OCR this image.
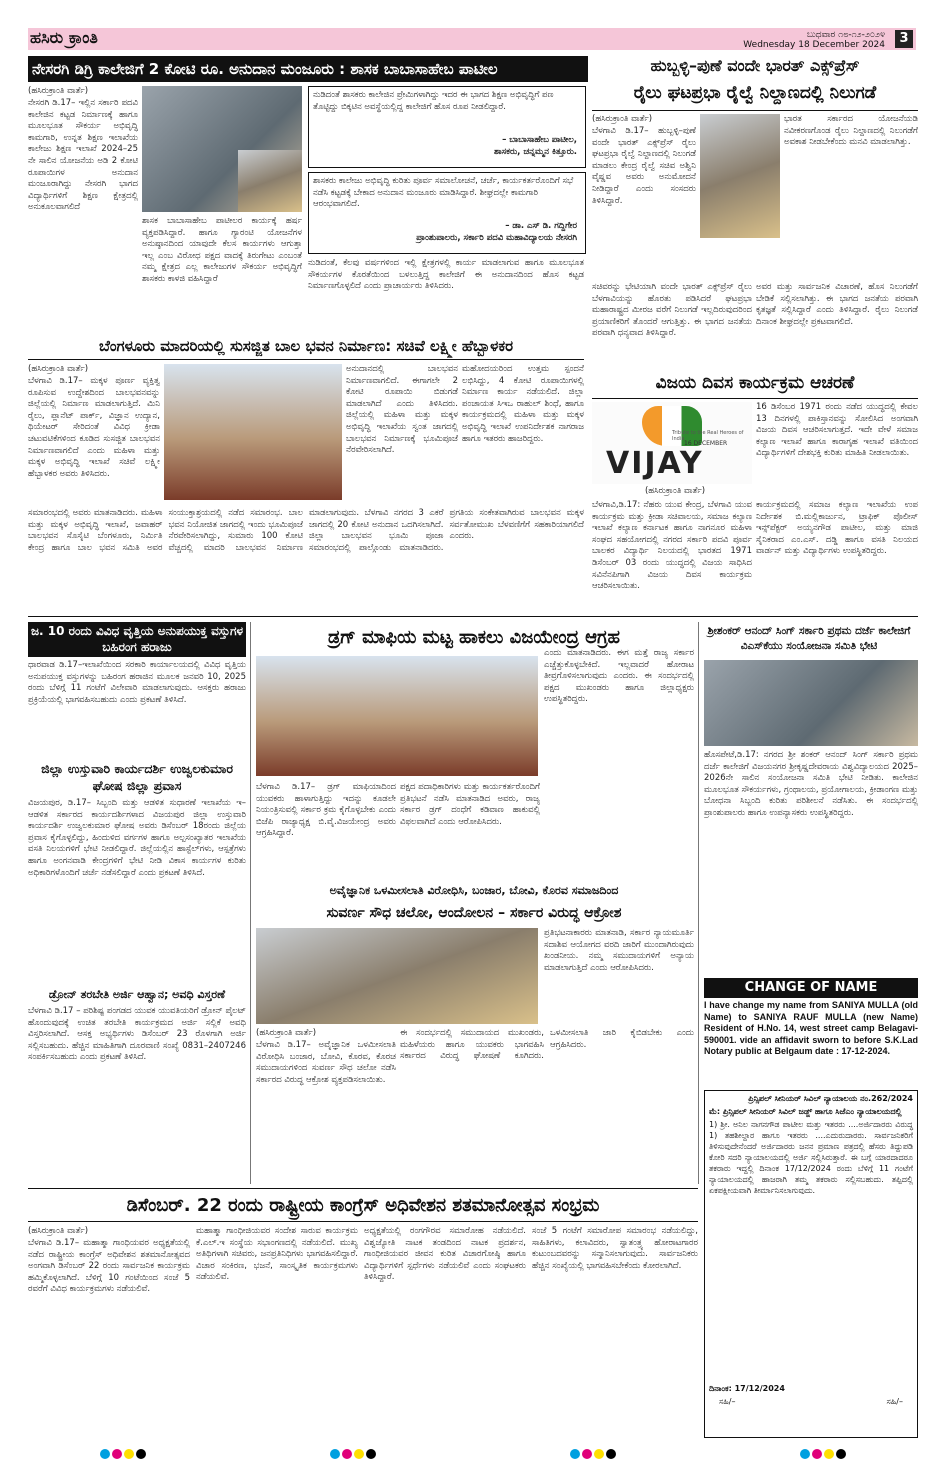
ಹಸಿರು ಕ್ರಾಂತಿ	ಬುಧವಾರ ೧೮-೧೨-೨೦೨೪
Wednesday 18 December 2024	3
ನೇಸರಗಿ ಡಿಗ್ರಿ ಕಾಲೇಜಿಗೆ 2 ಕೋಟಿ ರೂ. ಅನುದಾನ ಮಂಜೂರು : ಶಾಸಕ ಬಾಬಾಸಾಹೇಬ ಪಾಟೀಲ
(ಹಸಿರುಕ್ರಾಂತಿ ವಾರ್ತೆ)
ನೇಸರಗಿ ಡಿ.17– ಇಲ್ಲಿನ ಸರ್ಕಾರಿ ಪದವಿ ಕಾಲೇಜಿನ ಕಟ್ಟಡ ನಿರ್ಮಾಣಕ್ಕೆ ಹಾಗೂ ಮೂಲಭೂತ ಸೌಕರ್ಯ ಅಭಿವೃದ್ಧಿ ಕಾಮಗಾರಿ, ಉನ್ನತ ಶಿಕ್ಷಣ ಇಲಾಖೆಯ ಕಾಲೇಜು ಶಿಕ್ಷಣ ಇಲಾಖೆ 2024–25 ನೇ ಸಾಲಿನ ಯೋಜನೆಯ ಅಡಿ 2 ಕೋಟಿ ರೂಪಾಯಿಗಳ ಅನುದಾನ ಮಂಜೂರಾಗಿದ್ದು ನೇಸರಗಿ ಭಾಗದ ವಿದ್ಯಾರ್ಥಿಗಳಿಗೆ ಶಿಕ್ಷಣ ಕ್ಷೇತ್ರದಲ್ಲಿ ಅನುಕೂಲವಾಗಲಿದೆ
ಶಾಸಕ ಬಾಬಾಸಾಹೇಬ ಪಾಟೀಲರ ಕಾರ್ಯಕ್ಕೆ ಹರ್ಷ ವ್ಯಕ್ತಪಡಿಸಿದ್ದಾರೆ. ಹಾಗೂ ಗ್ಯಾರಂಟಿ ಯೋಜನೆಗಳ ಅನುಷ್ಠಾನದಿಂದ ಯಾವುದೇ ಕೆಲಸ ಕಾರ್ಯಗಳು ಆಗುತ್ತಾ ಇಲ್ಲ ಎಂಬ ವಿರೋಧ ಪಕ್ಷದ ವಾದಕ್ಕೆ ತಿರುಗೇಟು ಎಂಬಂತೆ ನಮ್ಮ ಕ್ಷೇತ್ರದ ಎಲ್ಲ ಕಾಲೇಜುಗಳ ಸೌಕರ್ಯ ಅಭಿವೃದ್ಧಿಗೆ ಶಾಸಕರು ಕಾಳಜಿ ವಹಿಸಿದ್ದಾರೆ
ನುಡಿದಂತೆ ಶಾಸಕರು ಕಾಲೇಜಿನ ಪ್ರೇಮಿಗಳಾಗಿದ್ದು ಇದರ ಈ ಭಾಗದ ಶಿಕ್ಷಣ ಅಭಿವೃದ್ಧಿಗೆ ಪಣ ತೊಟ್ಟಿದ್ದು ಬಿಕ್ಕಟಿನ ಅವಸ್ಥೆಯಲ್ಲಿದ್ದ ಕಾಲೇಜಿಗೆ ಹೊಸ ರೂಪ ನೀಡಲಿದ್ದಾರೆ.
– ಬಾಬಾಸಾಹೇಬ ಪಾಟೀಲ,
ಶಾಸಕರು, ಚನ್ನಮ್ಮನ ಕಿತ್ತೂರು.
ಶಾಸಕರು ಕಾಲೇಜು ಅಭಿವೃದ್ಧಿ ಕುರಿತು ಪೂರ್ವ ಸಮಾಲೋಚನೆ, ಚರ್ಚೆ, ಕಾರ್ಯಕರ್ತರೊಂದಿಗೆ ಸಭೆ ನಡೆಸಿ ಕಟ್ಟಡಕ್ಕೆ ಬೇಕಾದ ಅನುದಾನ ಮಂಜೂರು ಮಾಡಿಸಿದ್ದಾರೆ. ಶೀಘ್ರದಲ್ಲೇ ಕಾಮಗಾರಿ ಆರಂಭವಾಗಲಿದೆ.
– ಡಾ. ಎಸ್ ಡಿ. ಗದ್ದಿಗೇರ
ಪ್ರಾಂಶುಪಾಲರು, ಸರ್ಕಾರಿ ಪದವಿ ಮಹಾವಿದ್ಯಾಲಯ ನೇಸರಗಿ
ನುಡಿದಂತೆ, ಕೆಲವು ವರ್ಷಗಳಿಂದ ಇಲ್ಲಿ ಕ್ಷೇತ್ರಗಳಲ್ಲಿ ಕಾರ್ಯ ಮಾಡಲಾಗುವ ಹಾಗೂ ಮೂಲಭೂತ ಸೌಕರ್ಯಗಳ ಕೊರತೆಯಿಂದ ಬಳಲುತ್ತಿದ್ದ ಕಾಲೇಜಿಗೆ ಈ ಅನುದಾನದಿಂದ ಹೊಸ ಕಟ್ಟಡ ನಿರ್ಮಾಣಗೊಳ್ಳಲಿದೆ ಎಂದು ಪ್ರಾಚಾರ್ಯರು ತಿಳಿಸಿದರು.
ಹುಬ್ಬಳ್ಳಿ–ಪುಣೆ ವಂದೇ ಭಾರತ್ ಎಕ್ಸ್‌ಪ್ರೆಸ್
ರೈಲು ಘಟಪ್ರಭಾ ರೈಲ್ವೆ ನಿಲ್ದಾಣದಲ್ಲಿ ನಿಲುಗಡೆ
(ಹಸಿರುಕ್ರಾಂತಿ ವಾರ್ತೆ)
ಬೆಳಗಾವಿ ಡಿ.17– ಹುಬ್ಬಳ್ಳಿ–ಪುಣೆ ವಂದೇ ಭಾರತ್ ಎಕ್ಸ್‌ಪ್ರೆಸ್ ರೈಲು ಘಟಪ್ರಭಾ ರೈಲ್ವೆ ನಿಲ್ದಾಣದಲ್ಲಿ ನಿಲುಗಡೆ ಮಾಡಲು ಕೇಂದ್ರ ರೈಲ್ವೆ ಸಚಿವ ಅಶ್ವಿನಿ ವೈಷ್ಣವ ಅವರು ಅನುಮೋದನೆ ನೀಡಿದ್ದಾರೆ ಎಂದು ಸಂಸದರು ತಿಳಿಸಿದ್ದಾರೆ.
ಭಾರತ ಸರ್ಕಾರದ ಯೋಜನೆಯಡಿ ನವೀಕರಣಗೊಂಡ ರೈಲು ನಿಲ್ದಾಣದಲ್ಲಿ ನಿಲುಗಡೆಗೆ ಅವಕಾಶ ನೀಡಬೇಕೆಂದು ಮನವಿ ಮಾಡಲಾಗಿತ್ತು.
ಸಚಿವರನ್ನು ಭೇಟಿಯಾಗಿ ವಂದೇ ಭಾರತ್ ಎಕ್ಸ್‌ಪ್ರೆಸ್ ರೈಲು ಬೆಳಗಾವಿಯನ್ನು ಹೊರತು ಪಡಿಸಿದರೆ ಘಟಪ್ರಭಾ ಮಹಾರಾಷ್ಟ್ರದ ಮೀರಜ ವರೆಗೆ ನಿಲುಗಡೆ ಇಲ್ಲದಿರುವುದರಿಂದ ಪ್ರಯಾಣಿಕರಿಗೆ ತೊಂದರೆ ಆಗುತ್ತಿತ್ತು. ಈ ಭಾಗದ ಜನತೆಯ ಪರವಾಗಿ ಧನ್ಯವಾದ ತಿಳಿಸಿದ್ದಾರೆ.
ಅವರ ಮತ್ತು ಸಾರ್ವಜನಿಕ ವಿಚಾರಣೆ, ಹೊಸ ನಿಲುಗಡೆಗೆ ಬೇಡಿಕೆ ಸಲ್ಲಿಸಲಾಗಿತ್ತು. ಈ ಭಾಗದ ಜನತೆಯ ಪರವಾಗಿ ಕೃತಜ್ಞತೆ ಸಲ್ಲಿಸಿದ್ದಾರೆ ಎಂದು ತಿಳಿಸಿದ್ದಾರೆ. ರೈಲು ನಿಲುಗಡೆ ದಿನಾಂಕ ಶೀಘ್ರದಲ್ಲೇ ಪ್ರಕಟವಾಗಲಿದೆ.
ಬೆಂಗಳೂರು ಮಾದರಿಯಲ್ಲಿ ಸುಸಜ್ಜಿತ ಬಾಲ ಭವನ ನಿರ್ಮಾಣ: ಸಚಿವೆ ಲಕ್ಷ್ಮೀ ಹೆಬ್ಬಾಳಕರ
(ಹಸಿರುಕ್ರಾಂತಿ ವಾರ್ತೆ)
ಬೆಳಗಾವಿ ಡಿ.17– ಮಕ್ಕಳ ಪೂರ್ಣ ವ್ಯಕ್ತಿತ್ವ ರೂಪಿಸುವ ಉದ್ದೇಶದಿಂದ ಬಾಲಭವನವನ್ನು ಜಿಲ್ಲೆಯಲ್ಲಿ ನಿರ್ಮಾಣ ಮಾಡಲಾಗುತ್ತಿದೆ. ಮಿನಿ ರೈಲು, ಪ್ಲಾನೆಟ್ ಪಾರ್ಕ್, ವಿಜ್ಞಾನ ಉದ್ಯಾನ, ಥಿಯೇಟರ್ ಸೇರಿದಂತೆ ವಿವಿಧ ಕ್ರೀಡಾ ಚಟುವಟಿಕೆಗಳಿಂದ ಕೂಡಿದ ಸುಸಜ್ಜಿತ ಬಾಲಭವನ ನಿರ್ಮಾಣವಾಗಲಿದೆ ಎಂದು ಮಹಿಳಾ ಮತ್ತು ಮಕ್ಕಳ ಅಭಿವೃದ್ಧಿ ಇಲಾಖೆ ಸಚಿವೆ ಲಕ್ಷ್ಮೀ ಹೆಬ್ಬಾಳಕರ ಅವರು ತಿಳಿಸಿದರು.
ಅನುದಾನದಲ್ಲಿ ಬಾಲಭವನ ನಿರ್ಮಾಣವಾಗಲಿದೆ. ಈಗಾಗಲೇ 2 ಕೋಟಿ ರೂಪಾಯಿ ಬಿಡುಗಡೆ ಮಾಡಲಾಗಿದೆ ಎಂದು ತಿಳಿಸಿದರು. ಜಿಲ್ಲೆಯಲ್ಲಿ ಮಹಿಳಾ ಮತ್ತು ಮಕ್ಕಳ ಅಭಿವೃದ್ಧಿ ಇಲಾಖೆಯ ಸ್ವಂತ ಜಾಗದಲ್ಲಿ ಬಾಲಭವನ ನಿರ್ಮಾಣಕ್ಕೆ ಭೂಮಿಪೂಜೆ ನೆರವೇರಿಸಲಾಗಿದೆ.
ಮಹೋದಯರಿಂದ ಉತ್ತಮ ಸ್ಪಂದನೆ ಲಭಿಸಿದ್ದು, 4 ಕೋಟಿ ರೂಪಾಯಿಗಳಲ್ಲಿ ನಿರ್ಮಾಣ ಕಾರ್ಯ ನಡೆಯಲಿದೆ. ಜಿಲ್ಲಾ ಪಂಚಾಯತ ಸಿಇಒ ರಾಹುಲ್ ಶಿಂಧೆ, ಹಾಗೂ ಕಾರ್ಯಕ್ರಮದಲ್ಲಿ ಮಹಿಳಾ ಮತ್ತು ಮಕ್ಕಳ ಅಭಿವೃದ್ಧಿ ಇಲಾಖೆ ಉಪನಿರ್ದೇಶಕ ನಾಗರಾಜ ಹಾಗೂ ಇತರರು ಹಾಜರಿದ್ದರು.
ಸಮಾರಂಭದಲ್ಲಿ ಅವರು ಮಾತನಾಡಿದರು. ಮಹಿಳಾ ಮತ್ತು ಮಕ್ಕಳ ಅಭಿವೃದ್ಧಿ ಇಲಾಖೆ, ಜವಾಹರ್ ಬಾಲಭವನ ಸೊಸೈಟಿ ಬೆಂಗಳೂರು, ನಿರ್ಮಿತಿ ಕೇಂದ್ರ ಹಾಗೂ ಬಾಲ ಭವನ ಸಮಿತಿ ಅವರ ಸಂಯುಕ್ತಾಶ್ರಯದಲ್ಲಿ ನಡೆದ ಸಮಾರಂಭ. ಬಾಲ ಭವನ ನಿಯೋಜಿತ ಜಾಗದಲ್ಲಿ ಇಂದು ಭೂಮಿಪೂಜೆ ನೆರವೇರಿಸಲಾಗಿದ್ದು, ಸುಮಾರು 100 ಕೋಟಿ ವೆಚ್ಚದಲ್ಲಿ ಮಾದರಿ ಬಾಲಭವನ ನಿರ್ಮಾಣ ಮಾಡಲಾಗುವುದು. ಬೆಳಗಾವಿ ನಗರದ 3 ಎಕರೆ ಜಾಗದಲ್ಲಿ 20 ಕೋಟಿ ಅನುದಾನ ಒದಗಿಸಲಾಗಿದೆ. ಜಿಲ್ಲಾ ಬಾಲಭವನ ಭೂಮಿ ಪೂಜಾ ಸಮಾರಂಭದಲ್ಲಿ ಪಾಲ್ಗೊಂಡು ಮಾತನಾಡಿದರು. ಪ್ರಗತಿಯ ಸಂಕೇತವಾಗಿರುವ ಬಾಲಭವನ ಮಕ್ಕಳ ಸರ್ವತೋಮುಖ ಬೆಳವಣಿಗೆಗೆ ಸಹಕಾರಿಯಾಗಲಿದೆ ಎಂದರು.
ವಿಜಯ ದಿವಸ ಕಾರ್ಯಕ್ರಮ ಆಚರಣೆ
Tribute to the Real Heroes of India
16 DECEMBER
VIJAY
(ಹಸಿರುಕ್ರಾಂತಿ ವಾರ್ತೆ)
16 ಡಿಸೆಂಬರ 1971 ರಂದು ನಡೆದ ಯುದ್ಧದಲ್ಲಿ ಕೇವಲ 13 ದಿನಗಳಲ್ಲಿ ಪಾಕಿಸ್ತಾನವನ್ನು ಸೋಲಿಸಿದ ಅಂಗವಾಗಿ ವಿಜಯ ದಿವಸ ಆಚರಿಸಲಾಗುತ್ತದೆ. ಇದೇ ವೇಳೆ ಸಮಾಜ ಕಲ್ಯಾಣ ಇಲಾಖೆ ಹಾಗೂ ಕಾರಾಗೃಹ ಇಲಾಖೆ ವತಿಯಿಂದ ವಿದ್ಯಾರ್ಥಿಗಳಿಗೆ ದೇಶಭಕ್ತಿ ಕುರಿತು ಮಾಹಿತಿ ನೀಡಲಾಯಿತು.
ಬೆಳಗಾವಿ,ಡಿ.17: ನೆಹರು ಯುವ ಕೇಂದ್ರ, ಬೆಳಗಾವಿ ಯುವ ಕಾರ್ಯಕ್ರಮ ಮತ್ತು ಕ್ರೀಡಾ ಸಚಿವಾಲಯ, ಸಮಾಜ ಕಲ್ಯಾಣ ಇಲಾಖೆ ಕಲ್ಯಾಣ ಕರ್ನಾಟಕ ಹಾಗೂ ನಾಗನೂರ ಮಹಿಳಾ ಸಂಘದ ಸಹಯೋಗದಲ್ಲಿ ನಗರದ ಸರ್ಕಾರಿ ಪದವಿ ಪೂರ್ವ ಬಾಲಕರ ವಿದ್ಯಾರ್ಥಿ ನಿಲಯದಲ್ಲಿ ಭಾರತದ 1971 ಡಿಸೆಂಬರ್ 03 ರಂದು ಯುದ್ಧದಲ್ಲಿ ವಿಜಯ ಸಾಧಿಸಿದ ಸವಿನೆನಪಿಗಾಗಿ ವಿಜಯ ದಿವಸ ಕಾರ್ಯಕ್ರಮ ಆಚರಿಸಲಾಯಿತು.
ಕಾರ್ಯಕ್ರಮದಲ್ಲಿ ಸಮಾಜ ಕಲ್ಯಾಣ ಇಲಾಖೆಯ ಉಪ ನಿರ್ದೇಶಕ ಬಿ.ಮಲ್ಲಿಕಾರ್ಜುನ, ಟ್ರಾಫಿಕ್ ಪೊಲೀಸ್ ಇನ್ಸ್‌ಪೆಕ್ಟರ್ ಅಯ್ಯನಗೌಡ ಪಾಟೀಲ, ಮತ್ತು ಮಾಜಿ ಸೈನಿಕರಾದ ಎಂ.ಎಸ್. ದಡ್ಡಿ ಹಾಗೂ ವಸತಿ ನಿಲಯದ ವಾರ್ಡನ್ ಮತ್ತು ವಿದ್ಯಾರ್ಥಿಗಳು ಉಪಸ್ಥಿತರಿದ್ದರು.
ಜ. 10 ರಂದು ವಿವಿಧ ವೃತ್ತಿಯ ಅನುಪಯುಕ್ತ ವಸ್ತುಗಳ ಬಹಿರಂಗ ಹರಾಜು
ಧಾರವಾಡ ಡಿ.17–ಇಲಾಖೆಯಿಂದ ಸರಕಾರಿ ಕಾರ್ಯಾಲಯದಲ್ಲಿ ವಿವಿಧ ವೃತ್ತಿಯ ಅನುಪಯುಕ್ತ ವಸ್ತುಗಳನ್ನು ಬಹಿರಂಗ ಹರಾಜಿನ ಮೂಲಕ ಜನವರಿ 10, 2025 ರಂದು ಬೆಳಿಗ್ಗೆ 11 ಗಂಟೆಗೆ ವಿಲೇವಾರಿ ಮಾಡಲಾಗುವುದು. ಆಸಕ್ತರು ಹರಾಜು ಪ್ರಕ್ರಿಯೆಯಲ್ಲಿ ಭಾಗವಹಿಸಬಹುದು ಎಂದು ಪ್ರಕಟಣೆ ತಿಳಿಸಿದೆ.
ಜಿಲ್ಲಾ ಉಸ್ತುವಾರಿ ಕಾರ್ಯದರ್ಶಿ ಉಜ್ವಲಕುಮಾರ ಘೋಷ ಜಿಲ್ಲಾ ಪ್ರವಾಸ
ವಿಜಯಪುರ, ಡಿ.17– ಸಿಬ್ಬಂದಿ ಮತ್ತು ಆಡಳಿತ ಸುಧಾರಣೆ ಇಲಾಖೆಯ ಇ–ಆಡಳಿತ ಸರ್ಕಾರದ ಕಾರ್ಯದರ್ಶಿಗಳಾದ ವಿಜಯಪುರ ಜಿಲ್ಲಾ ಉಸ್ತುವಾರಿ ಕಾರ್ಯದರ್ಶಿ ಉಜ್ವಲಕುಮಾರ ಘೋಷ ಅವರು ಡಿಸೆಂಬರ್ 18ರಂದು ಜಿಲ್ಲೆಯ ಪ್ರವಾಸ ಕೈಗೊಳ್ಳಲಿದ್ದು, ಹಿಂದುಳಿದ ವರ್ಗಗಳ ಹಾಗೂ ಅಲ್ಪಸಂಖ್ಯಾತರ ಇಲಾಖೆಯ ವಸತಿ ನಿಲಯಗಳಿಗೆ ಭೇಟಿ ನೀಡಲಿದ್ದಾರೆ. ಜಿಲ್ಲೆಯಲ್ಲಿನ ಹಾಸ್ಟೆಲ್‌ಗಳು, ಆಸ್ಪತ್ರೆಗಳು ಹಾಗೂ ಅಂಗನವಾಡಿ ಕೇಂದ್ರಗಳಿಗೆ ಭೇಟಿ ನೀಡಿ ವಿಕಾಸ ಕಾರ್ಯಗಳ ಕುರಿತು ಅಧಿಕಾರಿಗಳೊಂದಿಗೆ ಚರ್ಚೆ ನಡೆಸಲಿದ್ದಾರೆ ಎಂದು ಪ್ರಕಟಣೆ ತಿಳಿಸಿದೆ.
ಡ್ರೋನ್ ತರಬೇತಿ ಅರ್ಜಿ ಆಹ್ವಾನ; ಅವಧಿ ವಿಸ್ತರಣೆ
ಬೆಳಗಾವಿ ಡಿ.17 – ಪರಿಶಿಷ್ಟ ಪಂಗಡದ ಯುವಕ ಯುವತಿಯರಿಗೆ ಡ್ರೋನ್ ಪೈಲಟ್ ಹೊಂದುವುದಕ್ಕೆ ಉಚಿತ ತರಬೇತಿ ಕಾರ್ಯಕ್ರಮದ ಅರ್ಜಿ ಸಲ್ಲಿಕೆ ಅವಧಿ ವಿಸ್ತರಿಸಲಾಗಿದೆ. ಆಸಕ್ತ ಅಭ್ಯರ್ಥಿಗಳು ಡಿಸೆಂಬರ್ 23 ರೊಳಗಾಗಿ ಅರ್ಜಿ ಸಲ್ಲಿಸಬಹುದು. ಹೆಚ್ಚಿನ ಮಾಹಿತಿಗಾಗಿ ದೂರವಾಣಿ ಸಂಖ್ಯೆ 0831–2407246 ಸಂಪರ್ಕಿಸಬಹುದು ಎಂದು ಪ್ರಕಟಣೆ ತಿಳಿಸಿದೆ.
ಡ್ರಗ್ ಮಾಫಿಯ ಮಟ್ಟ ಹಾಕಲು ವಿಜಯೇಂದ್ರ ಆಗ್ರಹ
ಎಂದು ಮಾತನಾಡಿದರು. ಈಗ ಮತ್ತೆ ರಾಜ್ಯ ಸರ್ಕಾರ ಎಚ್ಚೆತ್ತುಕೊಳ್ಳಬೇಕಿದೆ. ಇಲ್ಲವಾದರೆ ಹೋರಾಟ ತೀವ್ರಗೊಳಿಸಲಾಗುವುದು ಎಂದರು. ಈ ಸಂದರ್ಭದಲ್ಲಿ ಪಕ್ಷದ ಮುಖಂಡರು ಹಾಗೂ ಜಿಲ್ಲಾಧ್ಯಕ್ಷರು ಉಪಸ್ಥಿತರಿದ್ದರು.
ಬೆಳಗಾವಿ ಡಿ.17– ಡ್ರಗ್ ಮಾಫಿಯಾದಿಂದ ಯುವಕರು ಹಾಳಾಗುತ್ತಿದ್ದು ಇದನ್ನು ಕೂಡಲೇ ನಿಯಂತ್ರಿಸುವಲ್ಲಿ ಸರ್ಕಾರ ಕ್ರಮ ಕೈಗೊಳ್ಳಬೇಕು ಎಂದು ಬಿಜೆಪಿ ರಾಜ್ಯಾಧ್ಯಕ್ಷ ಬಿ.ವೈ.ವಿಜಯೇಂದ್ರ ಅವರು ಆಗ್ರಹಿಸಿದ್ದಾರೆ.
ಪಕ್ಷದ ಪದಾಧಿಕಾರಿಗಳು ಮತ್ತು ಕಾರ್ಯಕರ್ತರೊಂದಿಗೆ ಪ್ರತಿಭಟನೆ ನಡೆಸಿ ಮಾತನಾಡಿದ ಅವರು, ರಾಜ್ಯ ಸರ್ಕಾರ ಡ್ರಗ್ ದಂಧೆಗೆ ಕಡಿವಾಣ ಹಾಕುವಲ್ಲಿ ವಿಫಲವಾಗಿದೆ ಎಂದು ಆರೋಪಿಸಿದರು.
ಶ್ರೀಶಂಕರ್ ಆನಂದ್ ಸಿಂಗ್ ಸರ್ಕಾರಿ ಪ್ರಥಮ ದರ್ಜೆ ಕಾಲೇಜಿಗೆ ವಿಎಸ್‌ಕೆಯು ಸಂಯೋಜನಾ ಸಮಿತಿ ಭೇಟಿ
ಹೊಸಪೇಟೆ,ಡಿ.17: ನಗರದ ಶ್ರೀ ಶಂಕರ್ ಆನಂದ್ ಸಿಂಗ್ ಸರ್ಕಾರಿ ಪ್ರಥಮ ದರ್ಜೆ ಕಾಲೇಜಿಗೆ ವಿಜಯನಗರ ಶ್ರೀಕೃಷ್ಣದೇವರಾಯ ವಿಶ್ವವಿದ್ಯಾಲಯದ 2025–2026ನೇ ಸಾಲಿನ ಸಂಯೋಜನಾ ಸಮಿತಿ ಭೇಟಿ ನೀಡಿತು. ಕಾಲೇಜಿನ ಮೂಲಭೂತ ಸೌಕರ್ಯಗಳು, ಗ್ರಂಥಾಲಯ, ಪ್ರಯೋಗಾಲಯ, ಕ್ರೀಡಾಂಗಣ ಮತ್ತು ಬೋಧನಾ ಸಿಬ್ಬಂದಿ ಕುರಿತು ಪರಿಶೀಲನೆ ನಡೆಸಿತು. ಈ ಸಂದರ್ಭದಲ್ಲಿ ಪ್ರಾಂಶುಪಾಲರು ಹಾಗೂ ಉಪನ್ಯಾಸಕರು ಉಪಸ್ಥಿತರಿದ್ದರು.
ಅವೈಜ್ಞಾನಿಕ ಒಳಮೀಸಲಾತಿ ವಿರೋಧಿಸಿ, ಬಂಜಾರ, ಬೋವಿ, ಕೊರವ ಸಮಾಜದಿಂದ
ಸುವರ್ಣ ಸೌಧ ಚಲೋ, ಆಂದೋಲನ – ಸರ್ಕಾರ ವಿರುದ್ಧ ಆಕ್ರೋಶ
ಪ್ರತಿಭಟನಾಕಾರರು ಮಾತನಾಡಿ, ಸರ್ಕಾರ ನ್ಯಾಯಮೂರ್ತಿ ಸದಾಶಿವ ಆಯೋಗದ ವರದಿ ಜಾರಿಗೆ ಮುಂದಾಗಿರುವುದು ಖಂಡನೀಯ. ನಮ್ಮ ಸಮುದಾಯಗಳಿಗೆ ಅನ್ಯಾಯ ಮಾಡಲಾಗುತ್ತಿದೆ ಎಂದು ಆರೋಪಿಸಿದರು.
(ಹಸಿರುಕ್ರಾಂತಿ ವಾರ್ತೆ)
ಬೆಳಗಾವಿ ಡಿ.17– ಅವೈಜ್ಞಾನಿಕ ಒಳಮೀಸಲಾತಿ ವಿರೋಧಿಸಿ ಬಂಜಾರ, ಬೋವಿ, ಕೊರವ, ಕೊರಚ ಸಮುದಾಯಗಳಿಂದ ಸುವರ್ಣ ಸೌಧ ಚಲೋ ನಡೆಸಿ ಸರ್ಕಾರದ ವಿರುದ್ಧ ಆಕ್ರೋಶ ವ್ಯಕ್ತಪಡಿಸಲಾಯಿತು.
ಈ ಸಂದರ್ಭದಲ್ಲಿ ಸಮುದಾಯದ ಮುಖಂಡರು, ಮಹಿಳೆಯರು ಹಾಗೂ ಯುವಕರು ಭಾಗವಹಿಸಿ ಸರ್ಕಾರದ ವಿರುದ್ಧ ಘೋಷಣೆ ಕೂಗಿದರು. ಒಳಮೀಸಲಾತಿ ಜಾರಿ ಕೈಬಿಡಬೇಕು ಎಂದು ಆಗ್ರಹಿಸಿದರು.
CHANGE OF NAME
I have change my name from SANIYA MULLA (old Name) to SANIYA RAUF MULLA (new Name) Resident of H.No. 14, west street camp Belagavi-590001. vide an affidavit sworn to before S.K.Lad Notary public at Belgaum date : 17-12-2024.
ಪ್ರಿನ್ಸಿಪಲ್ ಸೀನಿಯರ್ ಸಿವಿಲ್ ನ್ಯಾಯಾಲಯ ನಂ.262/2024
ಮೆ: ಪ್ರಿನ್ಸಿಪಲ್ ಸೀನಿಯರ್ ಸಿವಿಲ್ ಜಡ್ಜ್ ಹಾಗೂ ಸಿಜೆಎಂ ನ್ಯಾಯಾಲಯದಲ್ಲಿ
1) ಶ್ರೀ. ಅನಿಲ ನಾಗನಗೌಡ ಪಾಟೀಲ ಮತ್ತು ಇತರರು ....ಅರ್ಜಿದಾರರು ವಿರುದ್ಧ 1) ತಹಶೀಲ್ದಾರ ಹಾಗೂ ಇತರರು ....ಎದುರುದಾರರು. ಸಾರ್ವಜನಿಕರಿಗೆ ತಿಳಿಸುವುದೇನೆಂದರೆ ಅರ್ಜಿದಾರರು ಜನನ ಪ್ರಮಾಣ ಪತ್ರದಲ್ಲಿ ಹೆಸರು ತಿದ್ದುಪಡಿ ಕೋರಿ ಸದರಿ ನ್ಯಾಯಾಲಯದಲ್ಲಿ ಅರ್ಜಿ ಸಲ್ಲಿಸಿರುತ್ತಾರೆ. ಈ ಬಗ್ಗೆ ಯಾರದಾದರೂ ತಕರಾರು ಇದ್ದಲ್ಲಿ ದಿನಾಂಕ 17/12/2024 ರಂದು ಬೆಳಿಗ್ಗೆ 11 ಗಂಟೆಗೆ ನ್ಯಾಯಾಲಯದಲ್ಲಿ ಹಾಜರಾಗಿ ತಮ್ಮ ತಕರಾರು ಸಲ್ಲಿಸಬಹುದು. ತಪ್ಪಿದಲ್ಲಿ ಏಕಪಕ್ಷೀಯವಾಗಿ ತೀರ್ಮಾನಿಸಲಾಗುವುದು.
ದಿನಾಂಕ: 17/12/2024
ಸಹಿ/–	ಸಹಿ/–
ಡಿಸೆಂಬರ್. 22 ರಂದು ರಾಷ್ಟ್ರೀಯ ಕಾಂಗ್ರೆಸ್ ಅಧಿವೇಶನ ಶತಮಾನೋತ್ಸವ ಸಂಭ್ರಮ
(ಹಸಿರುಕ್ರಾಂತಿ ವಾರ್ತೆ)
ಬೆಳಗಾವಿ ಡಿ.17– ಮಹಾತ್ಮಾ ಗಾಂಧಿಯವರ ಅಧ್ಯಕ್ಷತೆಯಲ್ಲಿ ನಡೆದ ರಾಷ್ಟ್ರೀಯ ಕಾಂಗ್ರೆಸ್ ಅಧಿವೇಶನ ಶತಮಾನೋತ್ಸವದ ಅಂಗವಾಗಿ ಡಿಸೆಂಬರ್ 22 ರಂದು ಸಾರ್ವಜನಿಕ ಕಾರ್ಯಕ್ರಮ ಹಮ್ಮಿಕೊಳ್ಳಲಾಗಿದೆ. ಬೆಳಿಗ್ಗೆ 10 ಗಂಟೆಯಿಂದ ಸಂಜೆ 5 ರವರೆಗೆ ವಿವಿಧ ಕಾರ್ಯಕ್ರಮಗಳು ನಡೆಯಲಿವೆ.
ಮಹಾತ್ಮಾ ಗಾಂಧೀಜಿಯವರ ಸಂದೇಶ ಸಾರುವ ಕಾರ್ಯಕ್ರಮ ಕೆ.ಎಲ್.ಇ ಸಂಸ್ಥೆಯ ಸಭಾಂಗಣದಲ್ಲಿ ನಡೆಯಲಿದೆ. ಮುಖ್ಯ ಅತಿಥಿಗಳಾಗಿ ಸಚಿವರು, ಜನಪ್ರತಿನಿಧಿಗಳು ಭಾಗವಹಿಸಲಿದ್ದಾರೆ. ವಿಚಾರ ಸಂಕಿರಣ, ಭಜನೆ, ಸಾಂಸ್ಕೃತಿಕ ಕಾರ್ಯಕ್ರಮಗಳು ನಡೆಯಲಿವೆ.
ಅಧ್ಯಕ್ಷತೆಯಲ್ಲಿ ರಂಗಗೌರವ ಸಮಾರೋಹ ನಡೆಯಲಿದೆ. ವಿಶ್ವಜ್ಯೋತಿ ನಾಟಕ ತಂಡದಿಂದ ನಾಟಕ ಪ್ರದರ್ಶನ, ಗಾಂಧೀಜಿಯವರ ಜೀವನ ಕುರಿತ ವಿಚಾರಗೋಷ್ಠಿ ಹಾಗೂ ವಿದ್ಯಾರ್ಥಿಗಳಿಗೆ ಸ್ಪರ್ಧೆಗಳು ನಡೆಯಲಿವೆ ಎಂದು ಸಂಘಟಕರು ತಿಳಿಸಿದ್ದಾರೆ.
ಸಂಜೆ 5 ಗಂಟೆಗೆ ಸಮಾರೋಪ ಸಮಾರಂಭ ನಡೆಯಲಿದ್ದು, ಸಾಹಿತಿಗಳು, ಕಲಾವಿದರು, ಸ್ವಾತಂತ್ರ್ಯ ಹೋರಾಟಗಾರರ ಕುಟುಂಬದವರನ್ನು ಸನ್ಮಾನಿಸಲಾಗುವುದು. ಸಾರ್ವಜನಿಕರು ಹೆಚ್ಚಿನ ಸಂಖ್ಯೆಯಲ್ಲಿ ಭಾಗವಹಿಸಬೇಕೆಂದು ಕೋರಲಾಗಿದೆ.
